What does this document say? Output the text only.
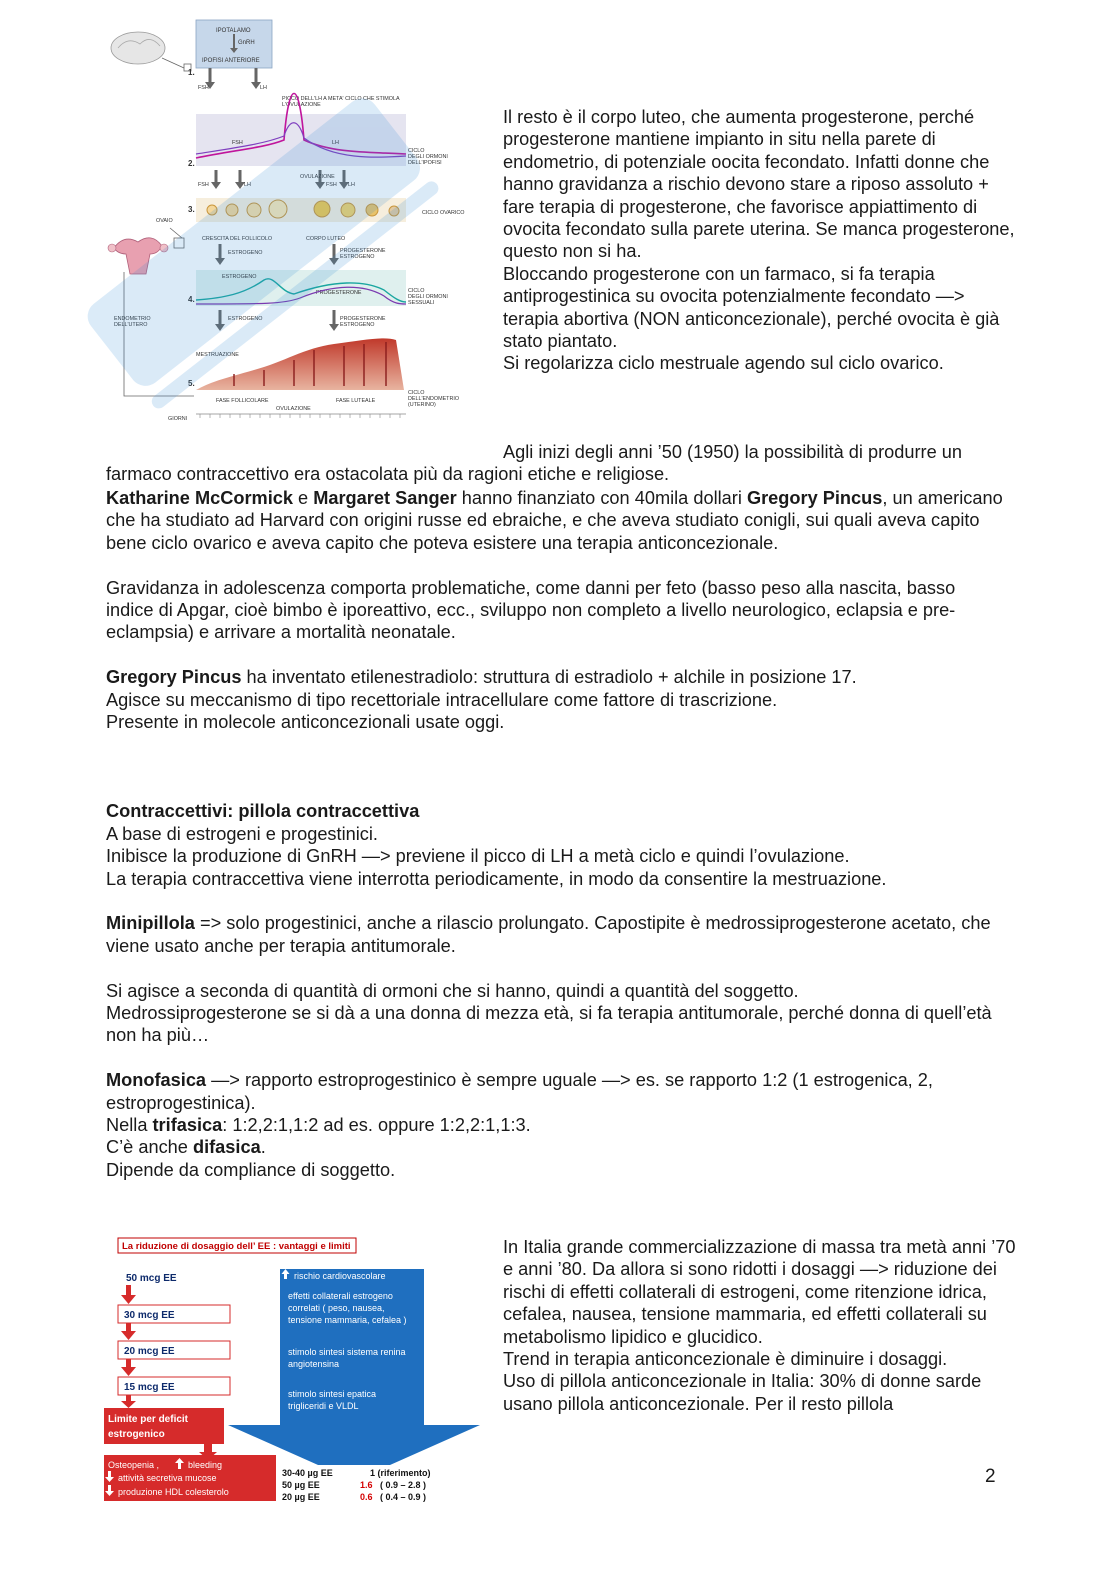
IPOTALAMO
GnRH
IPOFISI ANTERIORE
1.
FSH	LH
PICCO DELL'LH A META' CICLO CHE STIMOLA
L'OVULAZIONE
2.
FSH	LH
CICLO
DEGLI ORMONI
DELL'IPOFISI
FSH	LH
OVULAZIONE
FSH LH
3.	CICLO OVARICO
OVAIO
ENDOMETRIO
DELL'UTERO
CRESCITA DEL FOLLICOLO	CORPO LUTEO
ESTROGENO	PROGESTERONE
ESTROGENO
4.
ESTROGENO
PROGESTERONE	CICLO
DEGLI ORMONI
SESSUALI
ESTROGENO	PROGESTERONE
ESTROGENO
MESTRUAZIONE
5.
CICLO
DELL'ENDOMETRIO
(UTERINO)
FASE FOLLICOLARE	FASE LUTEALE
OVULAZIONE
GIORNI

Il resto è il corpo luteo, che aumenta progesterone, perché progesterone mantiene impianto in situ nella parete di endometrio, di potenziale oocita fecondato. Infatti donne che hanno gravidanza a rischio devono stare a riposo assoluto + fare terapia di progesterone, che favorisce appiattimento di ovocita fecondato sulla parete uterina. Se manca progesterone, questo non si ha.

Bloccando progesterone con un farmaco, si fa terapia antiprogestinica su ovocita potenzialmente fecondato —> terapia abortiva (NON anticoncezionale), perché ovocita è già stato piantato.

Si regolarizza ciclo mestruale agendo sul ciclo ovarico.

Agli inizi degli anni ’50 (1950) la possibilità di produrre un farmaco contraccettivo era ostacolata più da ragioni etiche e religiose.

Katharine McCormick e Margaret Sanger hanno finanziato con 40mila dollari Gregory Pincus, un americano che ha studiato ad Harvard con origini russe ed ebraiche, e che aveva studiato conigli, sui quali aveva capito bene ciclo ovarico e aveva capito che poteva esistere una terapia anticoncezionale.

Gravidanza in adolescenza comporta problematiche, come danni per feto (basso peso alla nascita, basso indice di Apgar, cioè bimbo è iporeattivo, ecc., sviluppo non completo a livello neurologico, eclapsia e pre-eclampsia) e arrivare a mortalità neonatale.

Gregory Pincus ha inventato etilenestradiolo: struttura di estradiolo + alchile in posizione 17.

Agisce su meccanismo di tipo recettoriale intracellulare come fattore di trascrizione.

Presente in molecole anticoncezionali usate oggi.

Contraccettivi: pillola contraccettiva

A base di estrogeni e progestinici.

Inibisce la produzione di GnRH —> previene il picco di LH a metà ciclo e quindi l’ovulazione.

La terapia contraccettiva viene interrotta periodicamente, in modo da consentire la mestruazione.

Minipillola => solo progestinici, anche a rilascio prolungato. Capostipite è medrossiprogesterone acetato, che viene usato anche per terapia antitumorale.

Si agisce a seconda di quantità di ormoni che si hanno, quindi a quantità del soggetto.

Medrossiprogesterone se si dà a una donna di mezza età, si fa terapia antitumorale, perché donna di quell’età non ha più…

Monofasica —> rapporto estroprogestinico è sempre uguale —> es. se rapporto 1:2 (1 estrogenica, 2, estroprogestinica).

Nella trifasica: 1:2,2:1,1:2 ad es. oppure 1:2,2:1,1:3.

C’è anche difasica.

Dipende da compliance di soggetto.

In Italia grande commercializzazione di massa tra metà anni ’70 e anni ’80. Da allora si sono ridotti i dosaggi —> riduzione dei rischi di effetti collaterali di estrogeni, come ritenzione idrica, cefalea, nausea, tensione mammaria, ed effetti collaterali su metabolismo lipidico e glucidico.

Trend in terapia anticoncezionale è diminuire i dosaggi.

Uso di pillola anticoncezionale in Italia: 30% di donne sarde usano pillola anticoncezionale. Per il resto pillola

2
La riduzione di dosaggio dell’ EE : vantaggi e limiti
50 mcg EE
30 mcg EE
20 mcg EE
15 mcg EE
Limite per deficit
estrogenico
Osteopenia ,	bleeding
attività secretiva mucose
produzione HDL colesterolo
rischio cardiovascolare
effetti collaterali estrogeno
correlati ( peso, nausea,
tensione mammaria, cefalea )
stimolo sintesi sistema renina
angiotensina
stimolo sintesi epatica
trigliceridi e VLDL
30-40 µg EE	1 (riferimento)
50 µg EE	1.6 ( 0.9 – 2.8 )
20 µg EE	0.6 ( 0.4 – 0.9 )
